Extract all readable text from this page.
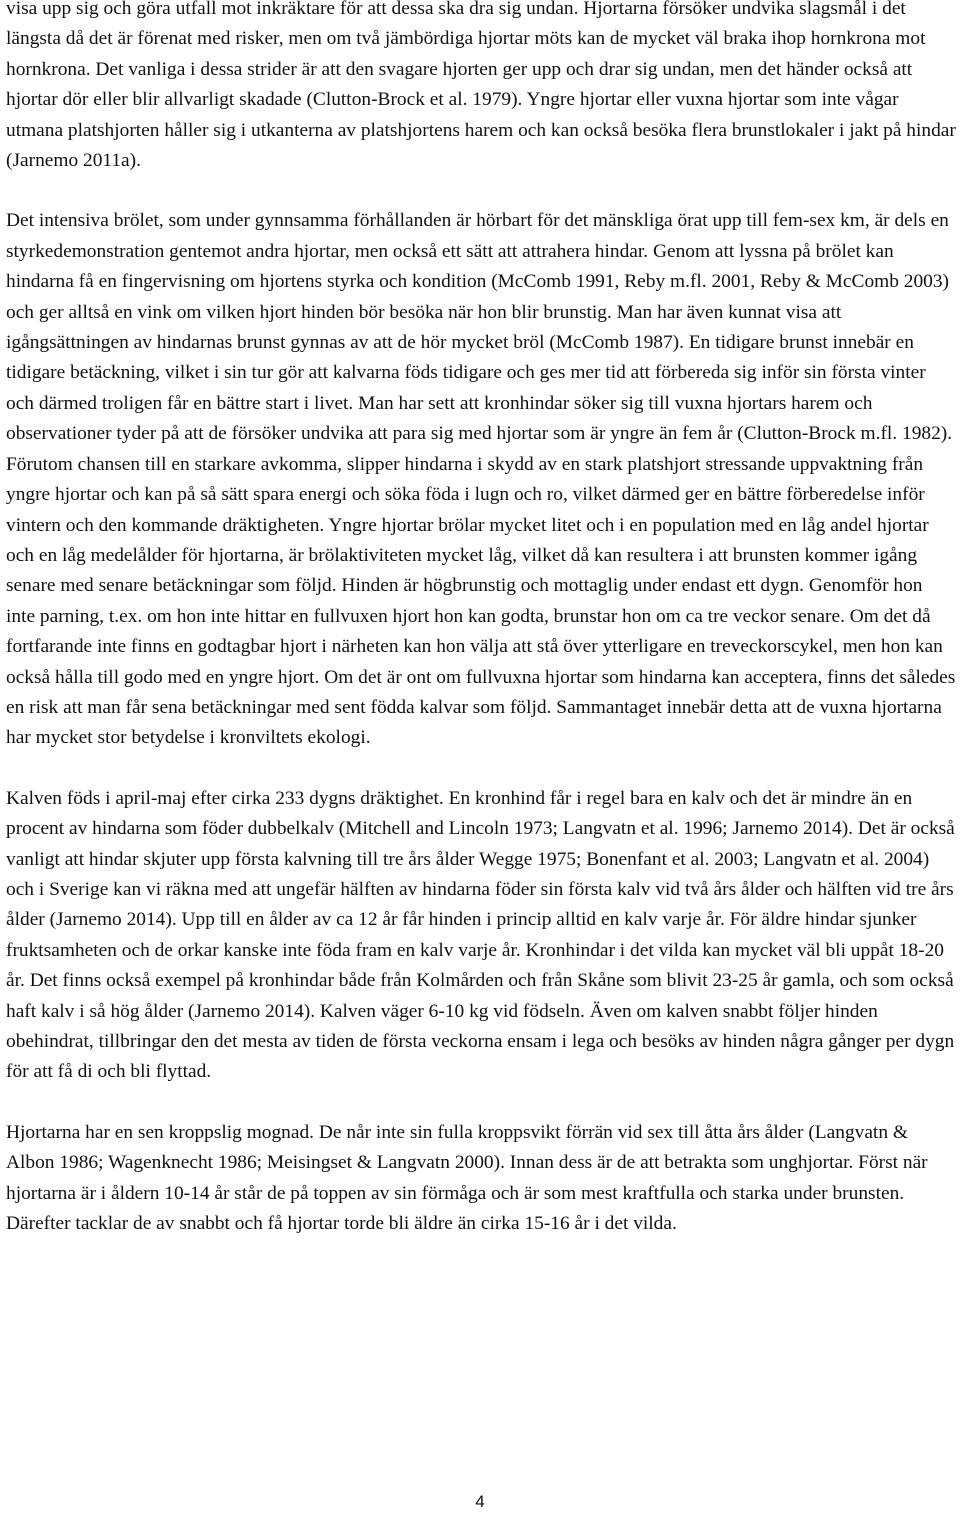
visa upp sig och göra utfall mot inkräktare för att dessa ska dra sig undan. Hjortarna försöker undvika slagsmål i det längsta då det är förenat med risker, men om två jämbördiga hjortar möts kan de mycket väl braka ihop hornkrona mot hornkrona. Det vanliga i dessa strider är att den svagare hjorten ger upp och drar sig undan, men det händer också att hjortar dör eller blir allvarligt skadade (Clutton-Brock et al. 1979). Yngre hjortar eller vuxna hjortar som inte vågar utmana platshjorten håller sig i utkanterna av platshjortens harem och kan också besöka flera brunstlokaler i jakt på hindar (Jarnemo 2011a).

Det intensiva brölet, som under gynnsamma förhållanden är hörbart för det mänskliga örat upp till fem-sex km, är dels en styrkedemonstration gentemot andra hjortar, men också ett sätt att attrahera hindar. Genom att lyssna på brölet kan hindarna få en fingervisning om hjortens styrka och kondition (McComb 1991, Reby m.fl. 2001, Reby & McComb 2003) och ger alltså en vink om vilken hjort hinden bör besöka när hon blir brunstig. Man har även kunnat visa att igångsättningen av hindarnas brunst gynnas av att de hör mycket bröl (McComb 1987). En tidigare brunst innebär en tidigare betäckning, vilket i sin tur gör att kalvarna föds tidigare och ges mer tid att förbereda sig inför sin första vinter och därmed troligen får en bättre start i livet. Man har sett att kronhindar söker sig till vuxna hjortars harem och observationer tyder på att de försöker undvika att para sig med hjortar som är yngre än fem år (Clutton-Brock m.fl. 1982). Förutom chansen till en starkare avkomma, slipper hindarna i skydd av en stark platshjort stressande uppvaktning från yngre hjortar och kan på så sätt spara energi och söka föda i lugn och ro, vilket därmed ger en bättre förberedelse inför vintern och den kommande dräktigheten. Yngre hjortar brölar mycket litet och i en population med en låg andel hjortar och en låg medelålder för hjortarna, är brölaktiviteten mycket låg, vilket då kan resultera i att brunsten kommer igång senare med senare betäckningar som följd. Hinden är högbrunstig och mottaglig under endast ett dygn. Genomför hon inte parning, t.ex. om hon inte hittar en fullvuxen hjort hon kan godta, brunstar hon om ca tre veckor senare. Om det då fortfarande inte finns en godtagbar hjort i närheten kan hon välja att stå över ytterligare en treveckorscykel, men hon kan också hålla till godo med en yngre hjort. Om det är ont om fullvuxna hjortar som hindarna kan acceptera, finns det således en risk att man får sena betäckningar med sent födda kalvar som följd. Sammantaget innebär detta att de vuxna hjortarna har mycket stor betydelse i kronviltets ekologi.

Kalven föds i april-maj efter cirka 233 dygns dräktighet. En kronhind får i regel bara en kalv och det är mindre än en procent av hindarna som föder dubbelkalv (Mitchell and Lincoln 1973; Langvatn et al. 1996; Jarnemo 2014). Det är också vanligt att hindar skjuter upp första kalvning till tre års ålder Wegge 1975; Bonenfant et al. 2003; Langvatn et al. 2004) och i Sverige kan vi räkna med att ungefär hälften av hindarna föder sin första kalv vid två års ålder och hälften vid tre års ålder (Jarnemo 2014). Upp till en ålder av ca 12 år får hinden i princip alltid en kalv varje år. För äldre hindar sjunker fruktsamheten och de orkar kanske inte föda fram en kalv varje år. Kronhindar i det vilda kan mycket väl bli uppåt 18-20 år. Det finns också exempel på kronhindar både från Kolmården och från Skåne som blivit 23-25 år gamla, och som också haft kalv i så hög ålder (Jarnemo 2014). Kalven väger 6-10 kg vid födseln. Även om kalven snabbt följer hinden obehindrat, tillbringar den det mesta av tiden de första veckorna ensam i lega och besöks av hinden några gånger per dygn för att få di och bli flyttad.

Hjortarna har en sen kroppslig mognad. De når inte sin fulla kroppsvikt förrän vid sex till åtta års ålder (Langvatn & Albon 1986; Wagenknecht 1986; Meisingset & Langvatn 2000). Innan dess är de att betrakta som unghjortar. Först när hjortarna är i åldern 10-14 år står de på toppen av sin förmåga och är som mest kraftfulla och starka under brunsten. Därefter tacklar de av snabbt och få hjortar torde bli äldre än cirka 15-16 år i det vilda.

4
